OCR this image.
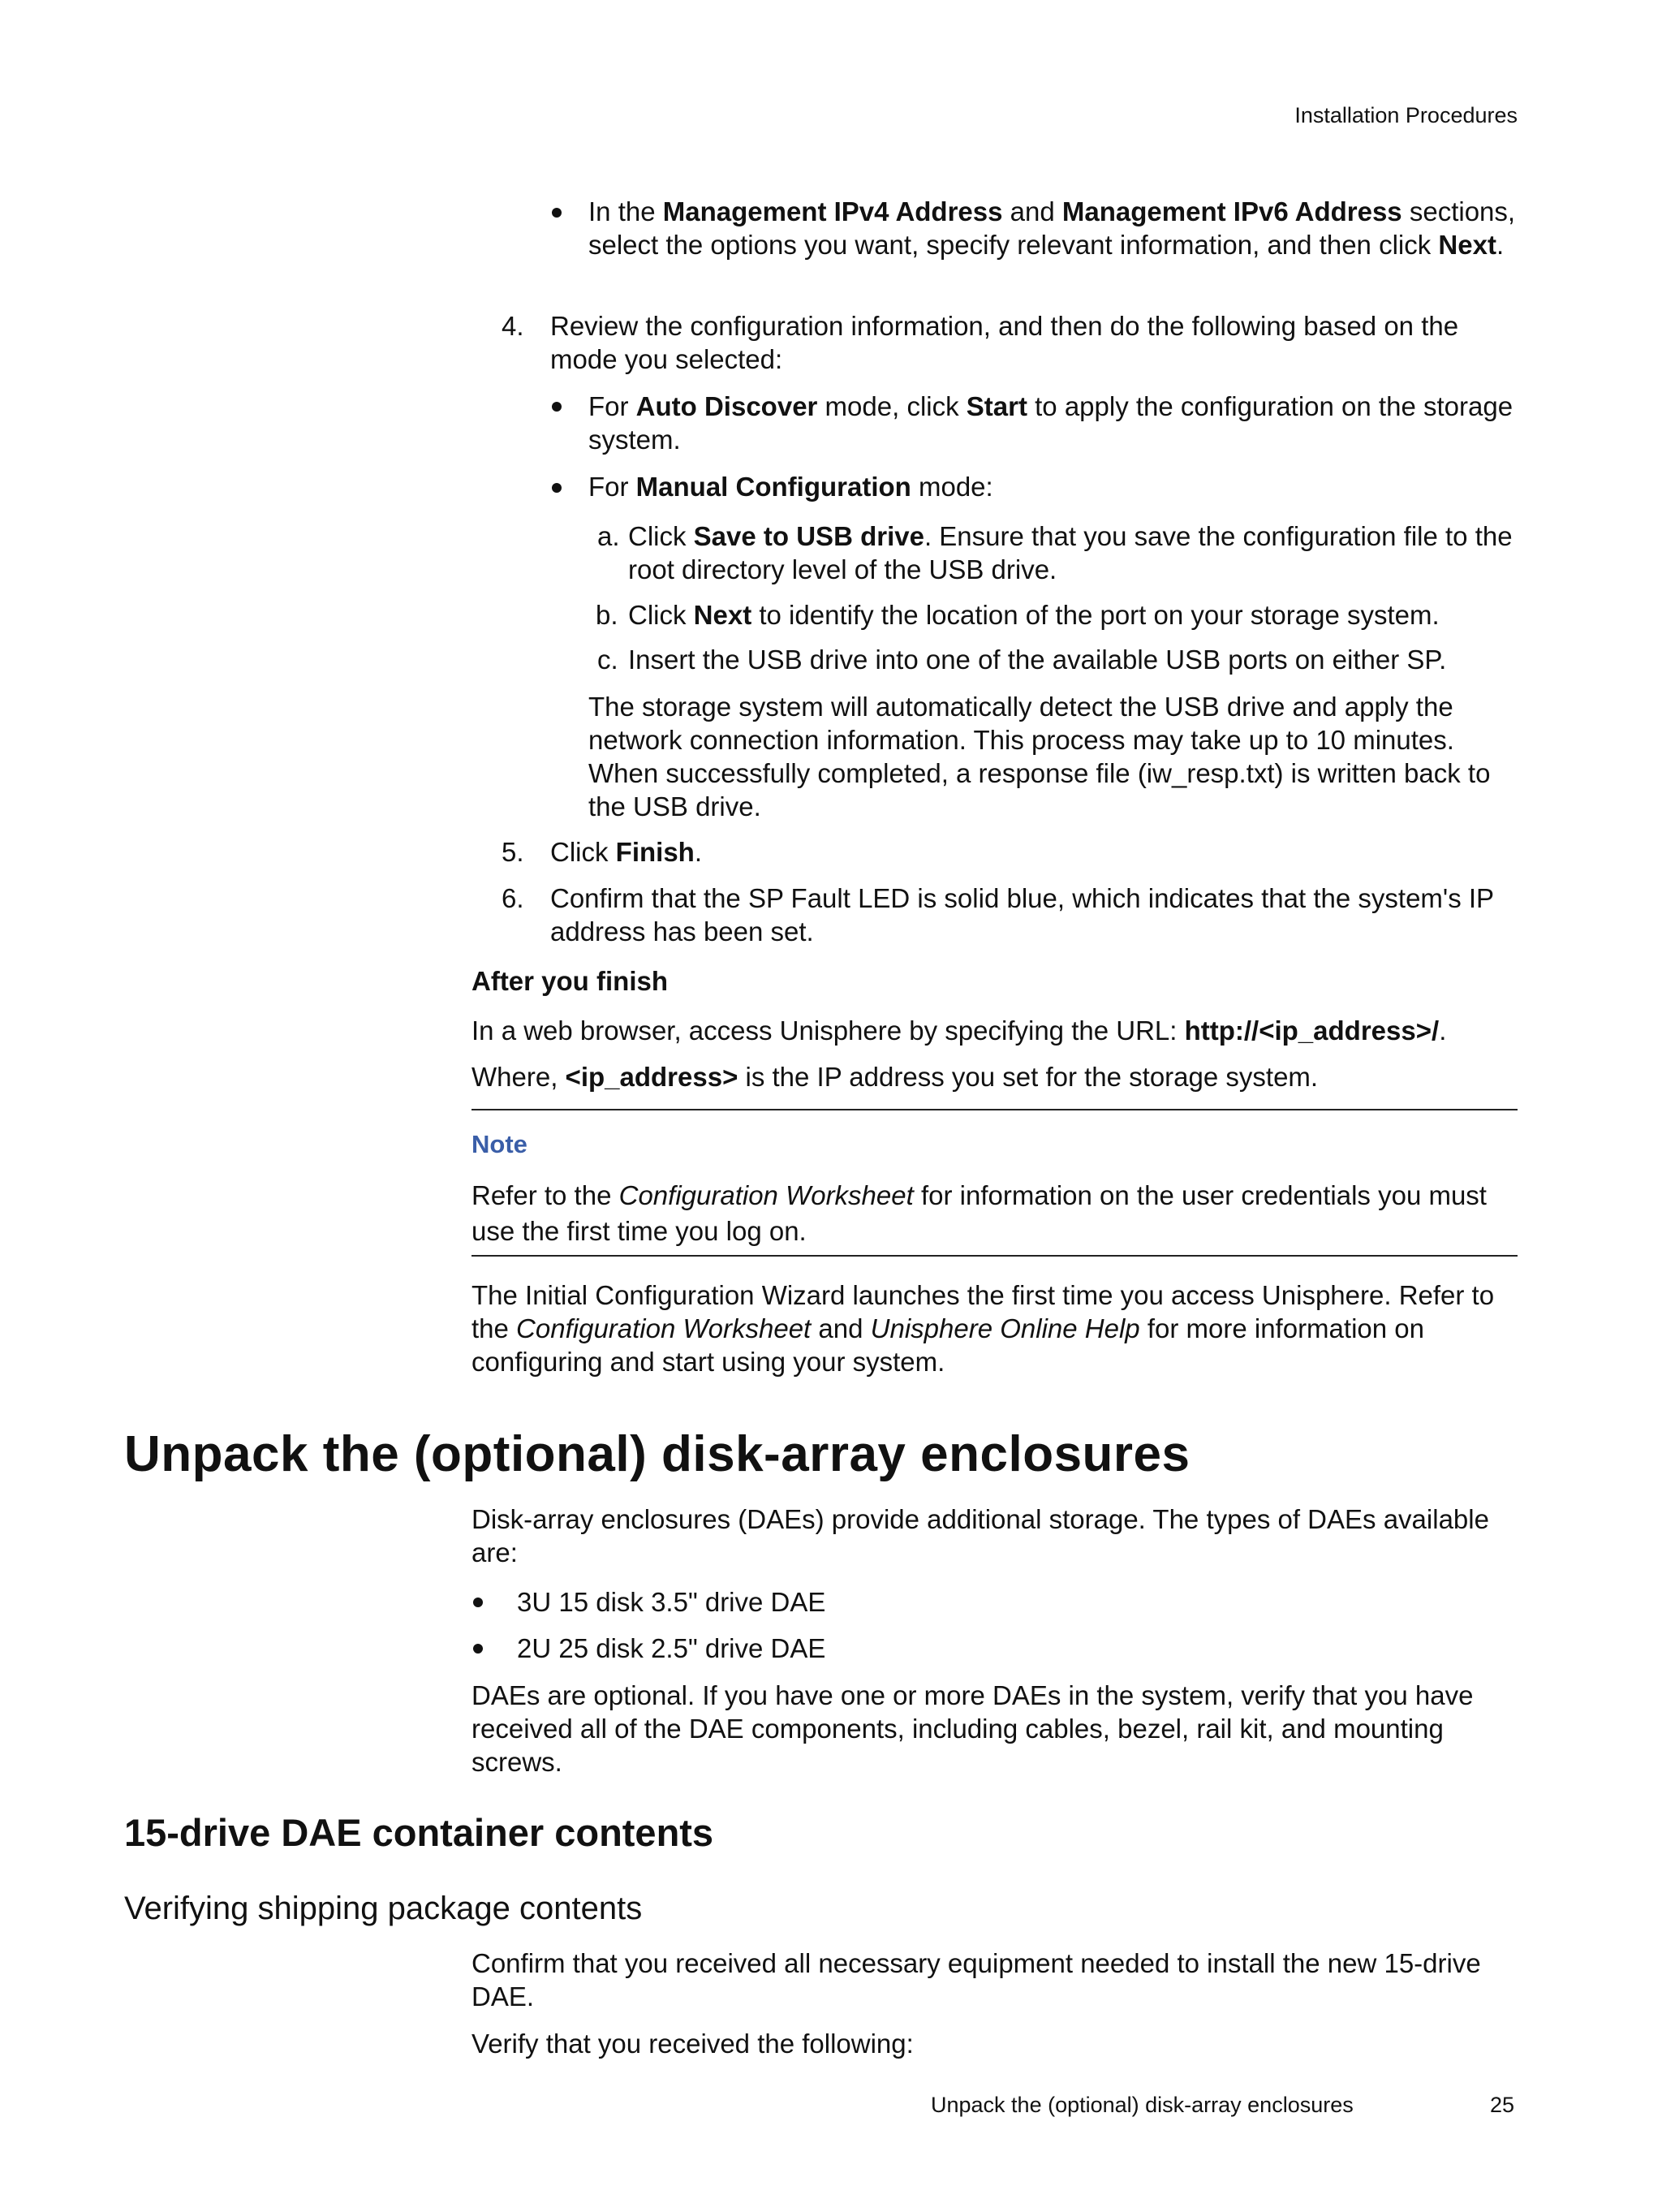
Installation Procedures
In the Management IPv4 Address and Management IPv6 Address sections, select the options you want, specify relevant information, and then click Next.
4. Review the configuration information, and then do the following based on the mode you selected:
For Auto Discover mode, click Start to apply the configuration on the storage system.
For Manual Configuration mode:
a. Click Save to USB drive. Ensure that you save the configuration file to the root directory level of the USB drive.
b. Click Next to identify the location of the port on your storage system.
c. Insert the USB drive into one of the available USB ports on either SP.
The storage system will automatically detect the USB drive and apply the network connection information. This process may take up to 10 minutes. When successfully completed, a response file (iw_resp.txt) is written back to the USB drive.
5. Click Finish.
6. Confirm that the SP Fault LED is solid blue, which indicates that the system's IP address has been set.
After you finish
In a web browser, access Unisphere by specifying the URL: http://<ip_address>/.
Where, <ip_address> is the IP address you set for the storage system.
Note
Refer to the Configuration Worksheet for information on the user credentials you must use the first time you log on.
The Initial Configuration Wizard launches the first time you access Unisphere. Refer to the Configuration Worksheet and Unisphere Online Help for more information on configuring and start using your system.
Unpack the (optional) disk-array enclosures
Disk-array enclosures (DAEs) provide additional storage. The types of DAEs available are:
3U 15 disk 3.5" drive DAE
2U 25 disk 2.5" drive DAE
DAEs are optional. If you have one or more DAEs in the system, verify that you have received all of the DAE components, including cables, bezel, rail kit, and mounting screws.
15-drive DAE container contents
Verifying shipping package contents
Confirm that you received all necessary equipment needed to install the new 15-drive DAE.
Verify that you received the following:
Unpack the (optional) disk-array enclosures	25
